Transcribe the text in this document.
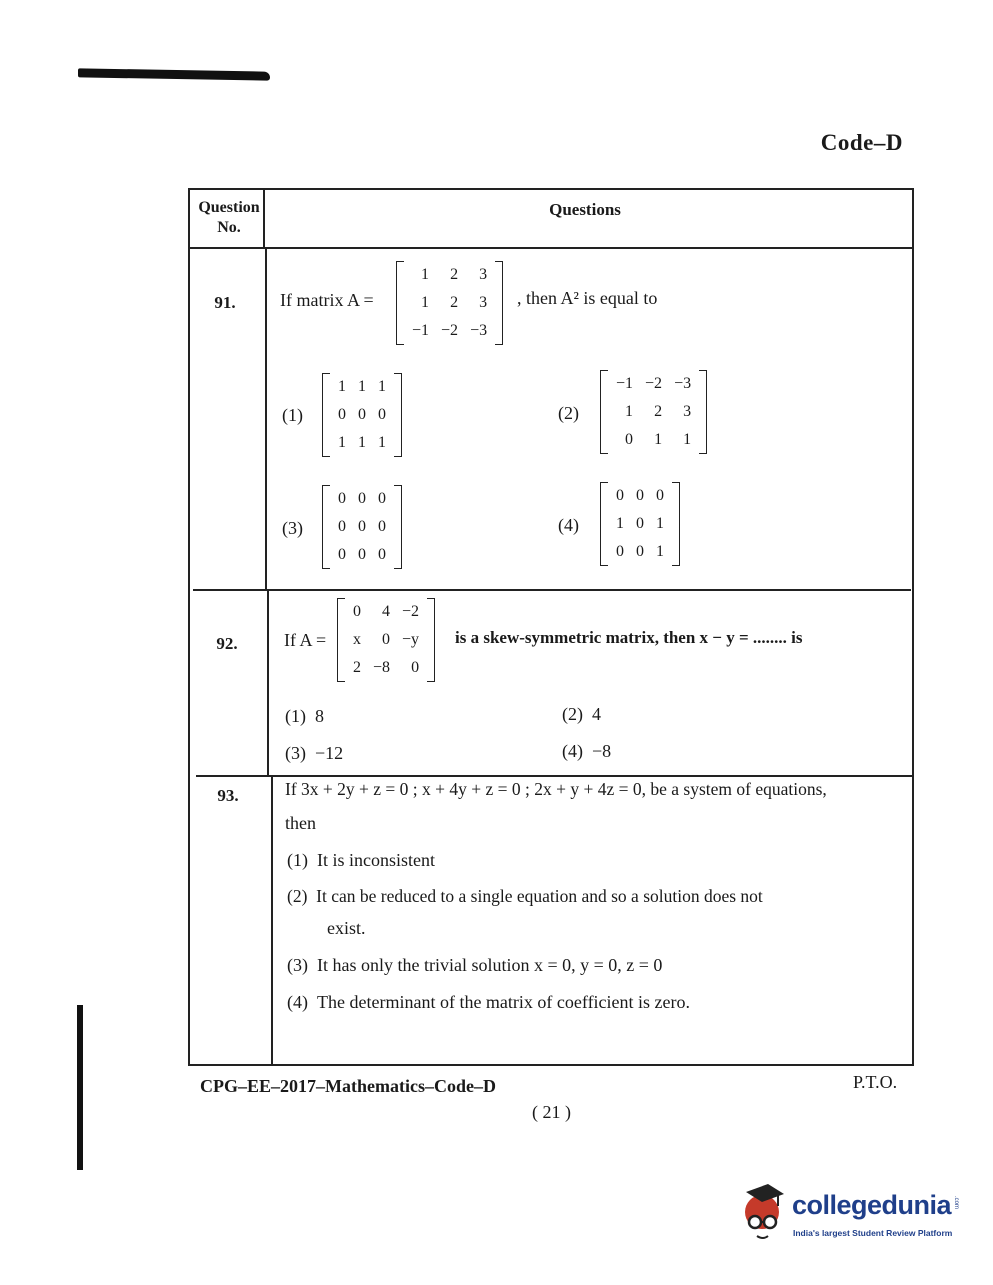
Code–D
Question No.
Questions
91.	If matrix A =
1	2	3
1	2	3
−1	−2	−3
, then A² is equal to
(1)
1	1	1
0	0	0
1	1	1
(2)
−1	−2	−3
1	2	3
0	1	1
(3)
0	0	0
0	0	0
0	0	0
(4)
0	0	0
1	0	1
0	0	1
92.	If A =
0	4	−2
x	0	−y
2	−8	0
is a skew-symmetric matrix, then x − y = ........ is
(1) 8	(2) 4
(3) −12	(4) −8
93.	If 3x + 2y + z = 0 ; x + 4y + z = 0 ; 2x + y + 4z = 0, be a system of equations,
then
(1) It is inconsistent
(2) It can be reduced to a single equation and so a solution does not
exist.
(3) It has only the trivial solution x = 0, y = 0, z = 0
(4) The determinant of the matrix of coefficient is zero.
CPG–EE–2017–Mathematics–Code–D	P.T.O.
( 21 )
collegedunia
India's largest Student Review Platform
.com
